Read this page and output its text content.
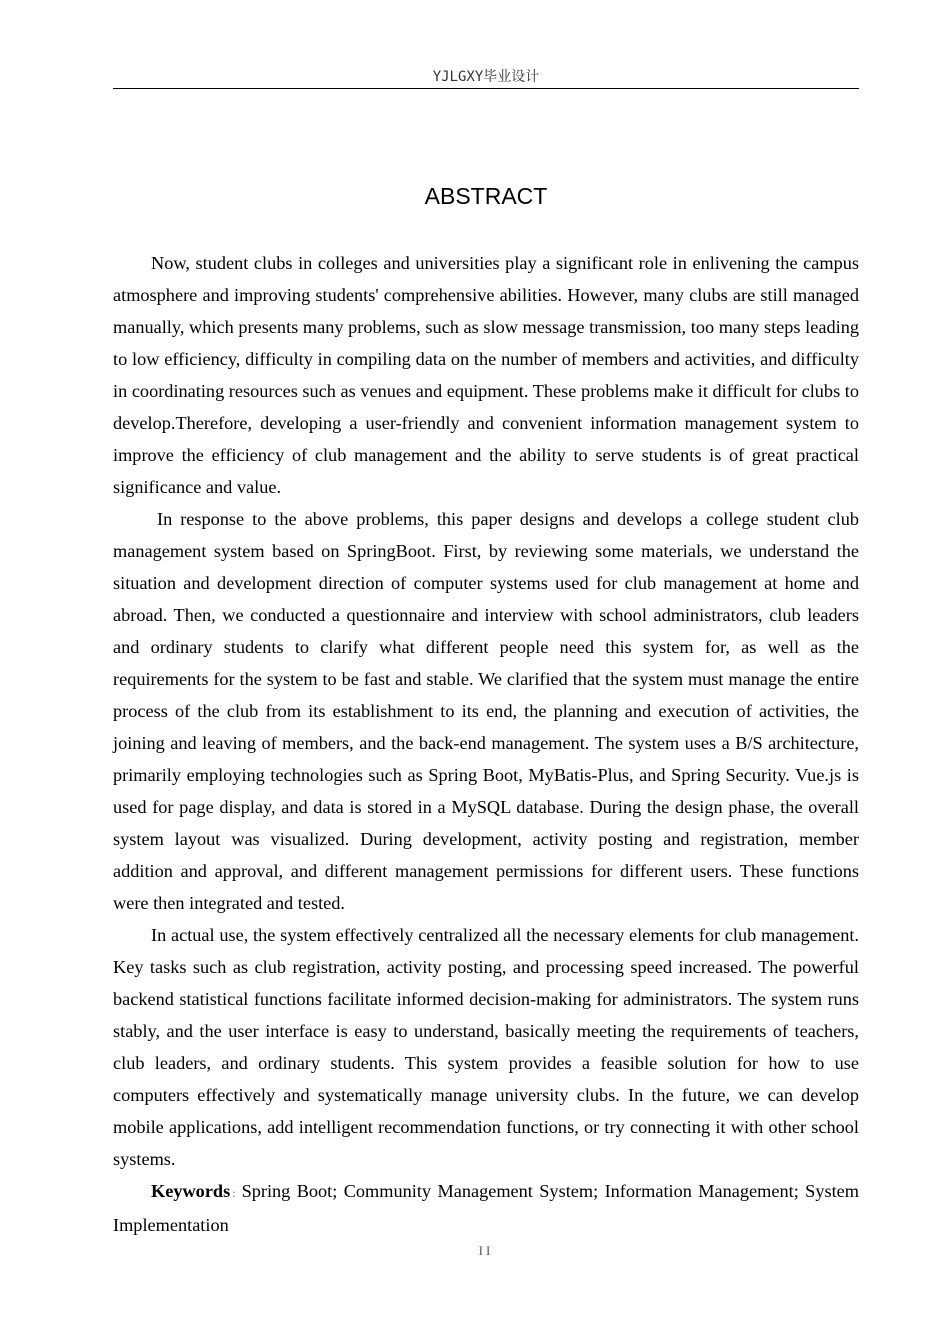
YJLGXY毕业设计
ABSTRACT

Now, student clubs in colleges and universities play a significant role in enlivening the campus atmosphere and improving students' comprehensive abilities. However, many clubs are still managed manually, which presents many problems, such as slow message transmission, too many steps leading to low efficiency, difficulty in compiling data on the number of members and activities, and difficulty in coordinating resources such as venues and equipment. These problems make it difficult for clubs to develop.Therefore, developing a user-friendly and convenient information management system to improve the efficiency of club management and the ability to serve students is of great practical significance and value.

In response to the above problems, this paper designs and develops a college student club management system based on SpringBoot. First, by reviewing some materials, we understand the situation and development direction of computer systems used for club management at home and abroad. Then, we conducted a questionnaire and interview with school administrators, club leaders and ordinary students to clarify what different people need this system for, as well as the requirements for the system to be fast and stable. We clarified that the system must manage the entire process of the club from its establishment to its end, the planning and execution of activities, the joining and leaving of members, and the back-end management. The system uses a B/S architecture, primarily employing technologies such as Spring Boot, MyBatis-Plus, and Spring Security. Vue.js is used for page display, and data is stored in a MySQL database. During the design phase, the overall system layout was visualized. During development, activity posting and registration, member addition and approval, and different management permissions for different users. These functions were then integrated and tested.

In actual use, the system effectively centralized all the necessary elements for club management. Key tasks such as club registration, activity posting, and processing speed increased. The powerful backend statistical functions facilitate informed decision-making for administrators. The system runs stably, and the user interface is easy to understand, basically meeting the requirements of teachers, club leaders, and ordinary students. This system provides a feasible solution for how to use computers effectively and systematically manage university clubs. In the future, we can develop mobile applications, add intelligent recommendation functions, or try connecting it with other school systems.

Keywords : Spring Boot; Community Management System; Information Management; System Implementation

II
